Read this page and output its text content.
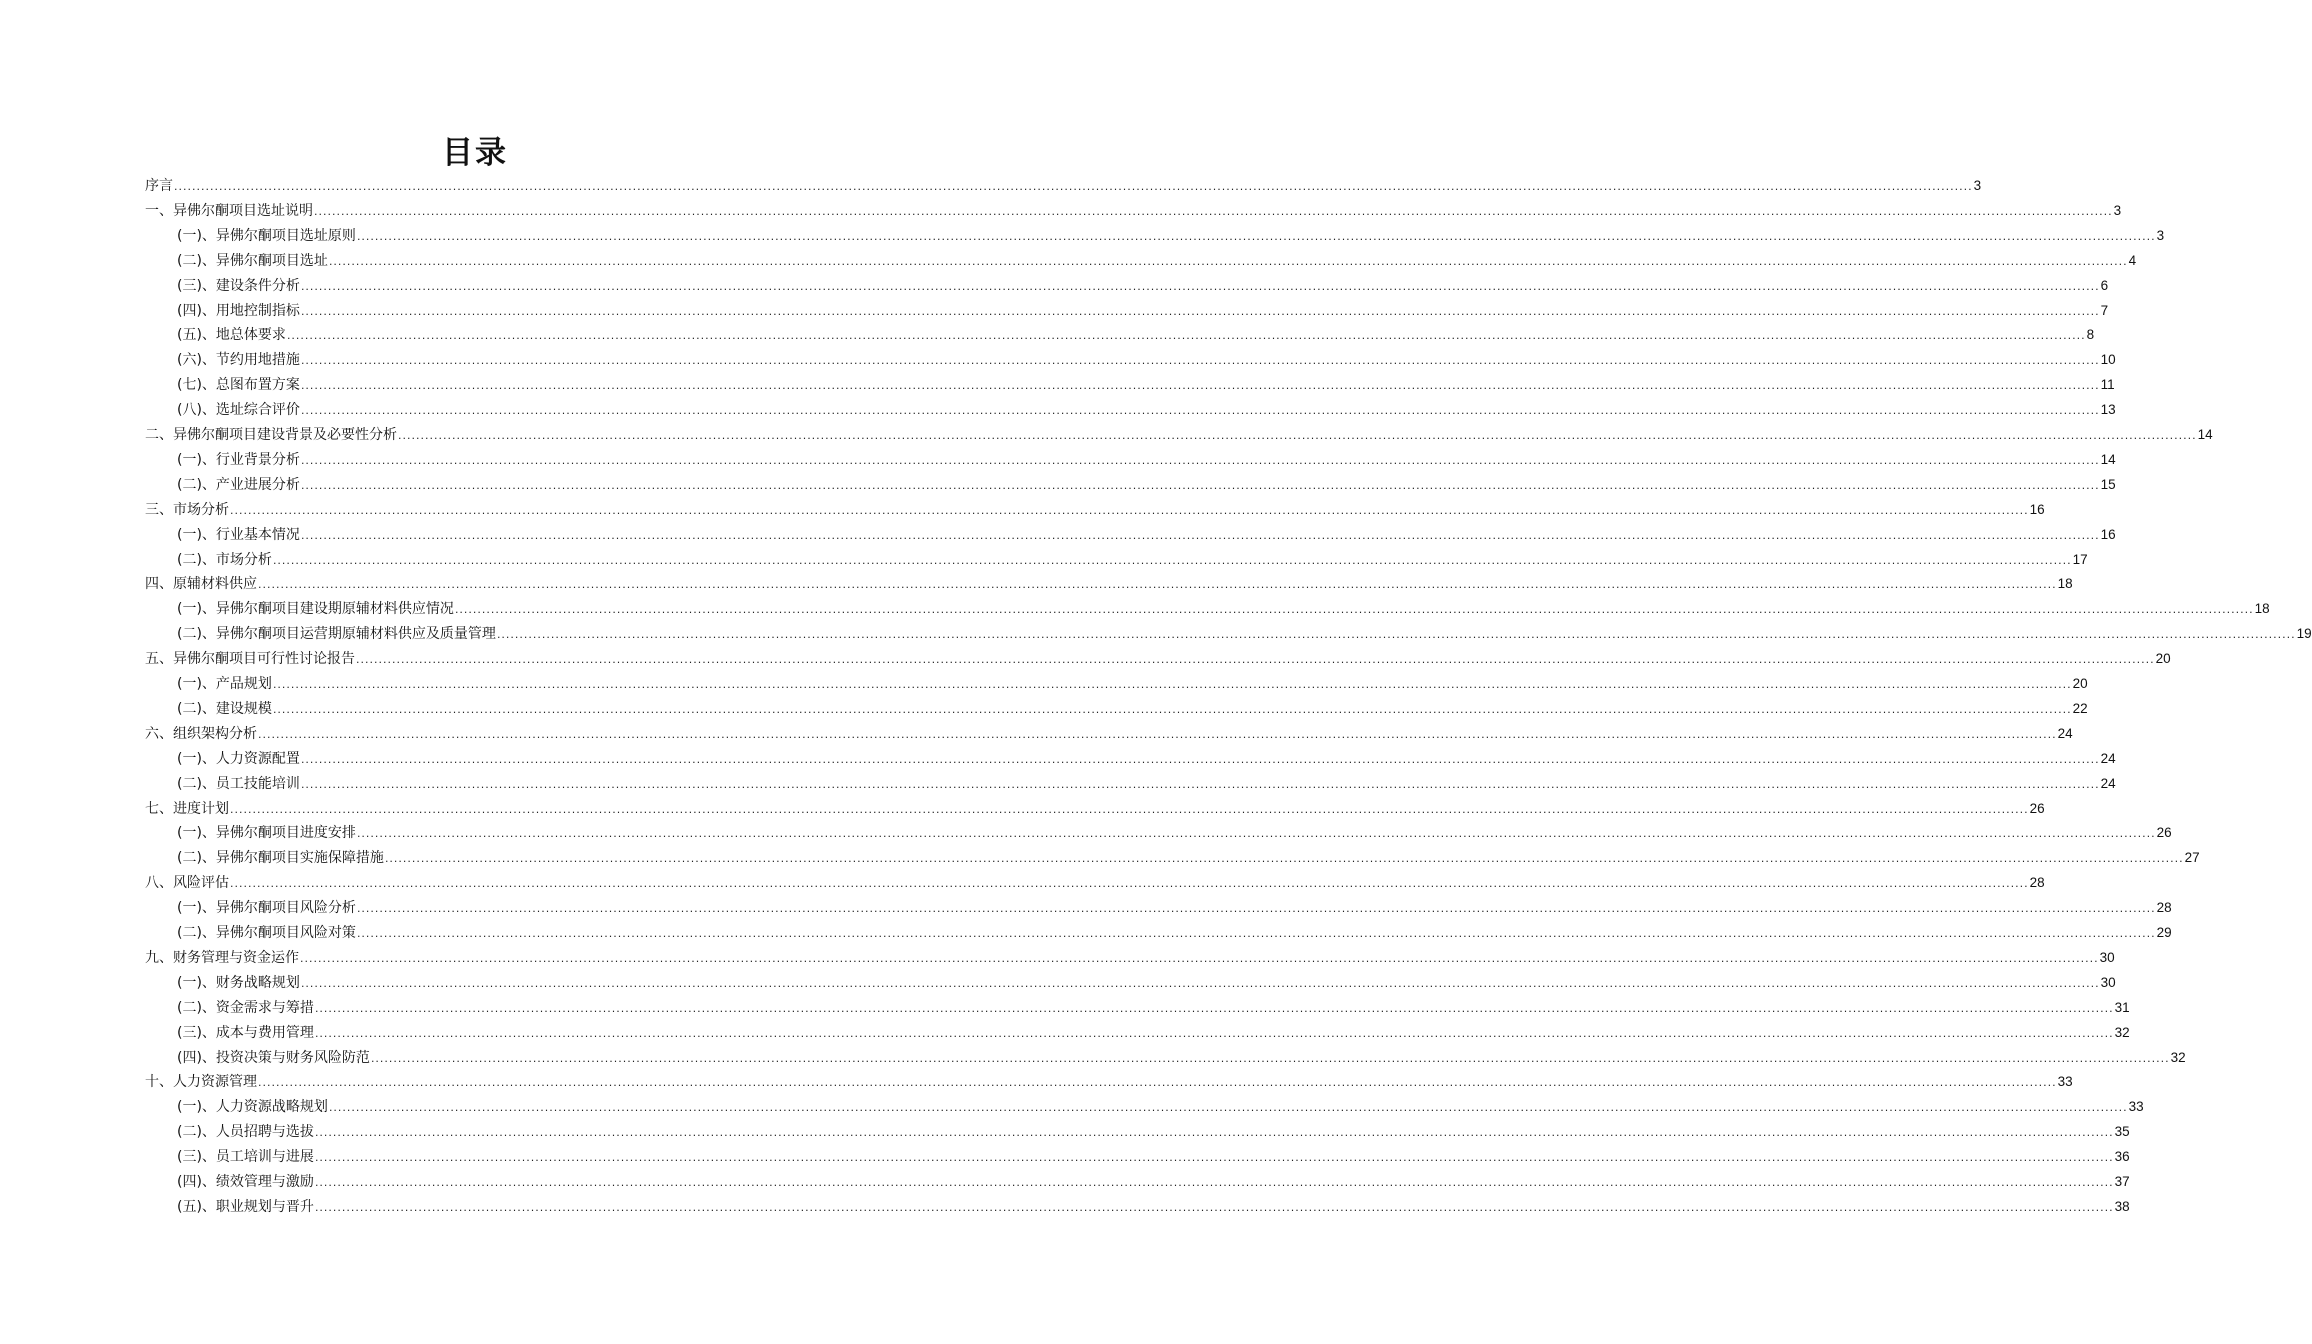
目录
序言 ................................................................................................................................................................................................................................................................................................................................................................................................................ 3
一、异佛尔酮项目选址说明 ................................................................................................................................................................................................................................................................................................................................................................................................................ 3
(一)、异佛尔酮项目选址原则 ................................................................................................................................................................................................................................................................................................................................................................................................................ 3
(二)、异佛尔酮项目选址 ................................................................................................................................................................................................................................................................................................................................................................................................................ 4
(三)、建设条件分析 ................................................................................................................................................................................................................................................................................................................................................................................................................ 6
(四)、用地控制指标 ................................................................................................................................................................................................................................................................................................................................................................................................................ 7
(五)、地总体要求 ................................................................................................................................................................................................................................................................................................................................................................................................................ 8
(六)、节约用地措施 ................................................................................................................................................................................................................................................................................................................................................................................................................ 10
(七)、总图布置方案 ................................................................................................................................................................................................................................................................................................................................................................................................................ 11
(八)、选址综合评价 ................................................................................................................................................................................................................................................................................................................................................................................................................ 13
二、异佛尔酮项目建设背景及必要性分析 ................................................................................................................................................................................................................................................................................................................................................................................................................ 14
(一)、行业背景分析 ................................................................................................................................................................................................................................................................................................................................................................................................................ 14
(二)、产业进展分析 ................................................................................................................................................................................................................................................................................................................................................................................................................ 15
三、市场分析 ................................................................................................................................................................................................................................................................................................................................................................................................................ 16
(一)、行业基本情况 ................................................................................................................................................................................................................................................................................................................................................................................................................ 16
(二)、市场分析 ................................................................................................................................................................................................................................................................................................................................................................................................................ 17
四、原辅材料供应 ................................................................................................................................................................................................................................................................................................................................................................................................................ 18
(一)、异佛尔酮项目建设期原辅材料供应情况 ................................................................................................................................................................................................................................................................................................................................................................................................................ 18
(二)、异佛尔酮项目运营期原辅材料供应及质量管理 ................................................................................................................................................................................................................................................................................................................................................................................................................ 19
五、异佛尔酮项目可行性讨论报告 ................................................................................................................................................................................................................................................................................................................................................................................................................ 20
(一)、产品规划 ................................................................................................................................................................................................................................................................................................................................................................................................................ 20
(二)、建设规模 ................................................................................................................................................................................................................................................................................................................................................................................................................ 22
六、组织架构分析 ................................................................................................................................................................................................................................................................................................................................................................................................................ 24
(一)、人力资源配置 ................................................................................................................................................................................................................................................................................................................................................................................................................ 24
(二)、员工技能培训 ................................................................................................................................................................................................................................................................................................................................................................................................................ 24
七、进度计划 ................................................................................................................................................................................................................................................................................................................................................................................................................ 26
(一)、异佛尔酮项目进度安排 ................................................................................................................................................................................................................................................................................................................................................................................................................ 26
(二)、异佛尔酮项目实施保障措施 ................................................................................................................................................................................................................................................................................................................................................................................................................ 27
八、风险评估 ................................................................................................................................................................................................................................................................................................................................................................................................................ 28
(一)、异佛尔酮项目风险分析 ................................................................................................................................................................................................................................................................................................................................................................................................................ 28
(二)、异佛尔酮项目风险对策 ................................................................................................................................................................................................................................................................................................................................................................................................................ 29
九、财务管理与资金运作 ................................................................................................................................................................................................................................................................................................................................................................................................................ 30
(一)、财务战略规划 ................................................................................................................................................................................................................................................................................................................................................................................................................ 30
(二)、资金需求与筹措 ................................................................................................................................................................................................................................................................................................................................................................................................................ 31
(三)、成本与费用管理 ................................................................................................................................................................................................................................................................................................................................................................................................................ 32
(四)、投资决策与财务风险防范 ................................................................................................................................................................................................................................................................................................................................................................................................................ 32
十、人力资源管理 ................................................................................................................................................................................................................................................................................................................................................................................................................ 33
(一)、人力资源战略规划 ................................................................................................................................................................................................................................................................................................................................................................................................................ 33
(二)、人员招聘与选拔 ................................................................................................................................................................................................................................................................................................................................................................................................................ 35
(三)、员工培训与进展 ................................................................................................................................................................................................................................................................................................................................................................................................................ 36
(四)、绩效管理与激励 ................................................................................................................................................................................................................................................................................................................................................................................................................ 37
(五)、职业规划与晋升 ................................................................................................................................................................................................................................................................................................................................................................................................................ 38
